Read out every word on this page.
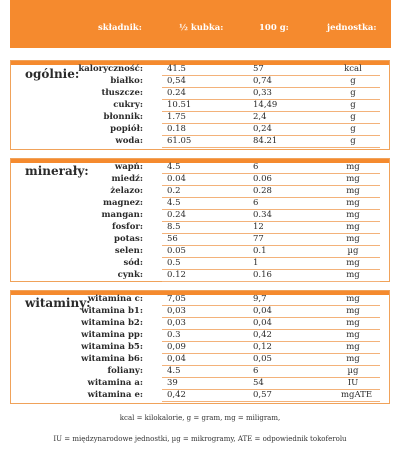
składnik:	½ kubka:	100 g:	jednostka:
ogólnie: kaloryczność:	41.5	57	kcal
białko:	0,54	0,74	g
tłuszcze:	0.24	0,33	g
cukry:	10.51	14,49	g
błonnik:	1.75	2,4	g
popiół:	0.18	0,24	g
woda:	61.05	84.21	g
minerały:	wapń:	4.5	6	mg
miedź:	0.04	0.06	mg
żelazo:	0.2	0.28	mg
magnez:	4.5	6	mg
mangan:	0.24	0.34	mg
fosfor:	8.5	12	mg
potas:	56	77	mg
selen:	0.05	0.1	µg
sód:	0.5	1	mg
cynk:	0.12	0.16	mg
witaminy:
witamina c:	7,05	9,7	mg
witamina b1:	0,03	0,04	mg
witamina b2:	0,03	0,04	mg
witamina pp:	0.3	0,42	mg
witamina b5:	0,09	0,12	mg
witamina b6:	0,04	0,05	mg
foliany:	4.5	6	µg
witamina a:	39	54	IU
witamina e:	0,42	0,57	mgATE
kcal = kilokalorie, g = gram, mg = miligram,
IU = międzynarodowe jednostki, µg = mikrogramy, ATE = odpowiednik tokoferolu
